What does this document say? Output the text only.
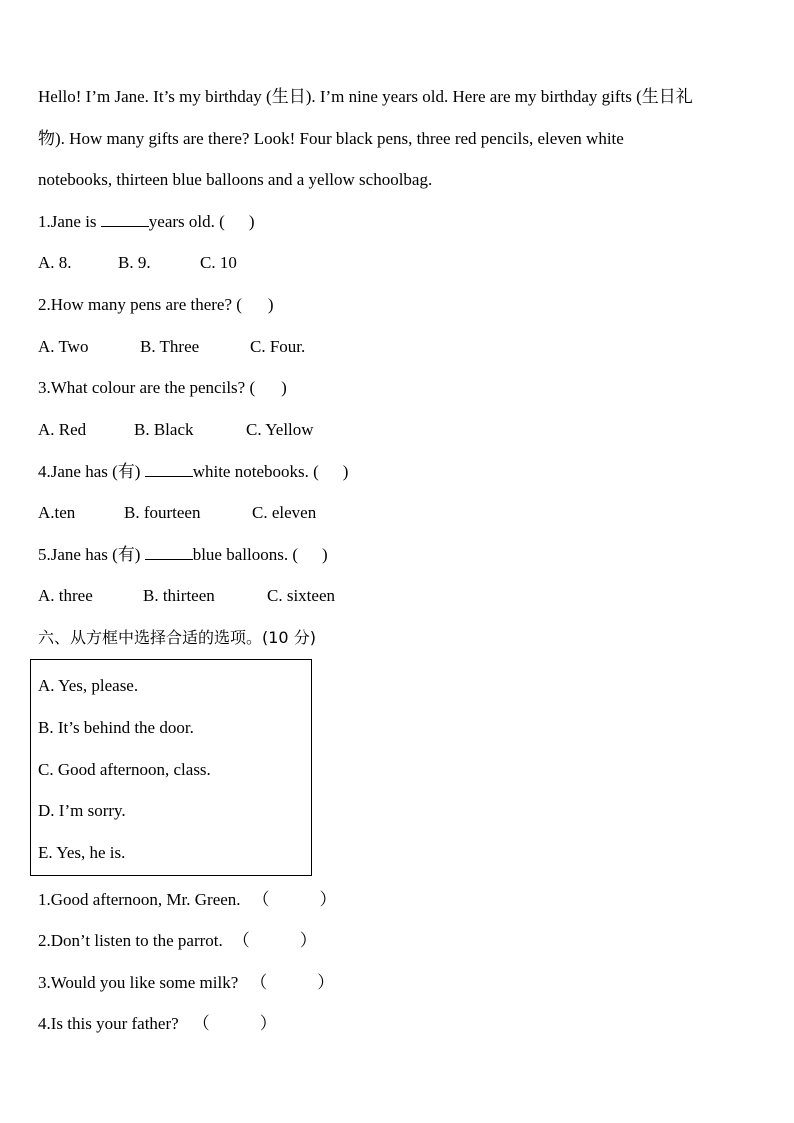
Hello! I’m Jane. It’s my birthday (生日). I’m nine years old. Here are my birthday gifts (生日礼
物). How many gifts are there? Look! Four black pens, three red pencils, eleven white
notebooks, thirteen blue balloons and a yellow schoolbag.
1.Jane is	years old. ( )
A. 8.	B. 9.	C. 10
2.How many pens are there? ( )
A. Two	B. Three	C. Four.
3.What colour are the pencils? ( )
A. Red	B. Black	C. Yellow
4.Jane has (有)	white notebooks. ( )
A.ten	B. fourteen	C. eleven
5.Jane has (有)	blue balloons. ( )
A. three	B. thirteen	C. sixteen
六、从方框中选择合适的选项。(10 分)
A. Yes, please.
B. It’s behind the door.
C. Good afternoon, class.
D. I’m sorry.
E. Yes, he is.
1.Good afternoon, Mr. Green. （	）
2.Don’t listen to the parrot. （	）
3.Would you like some milk? （	）
4.Is this your father? （	）
